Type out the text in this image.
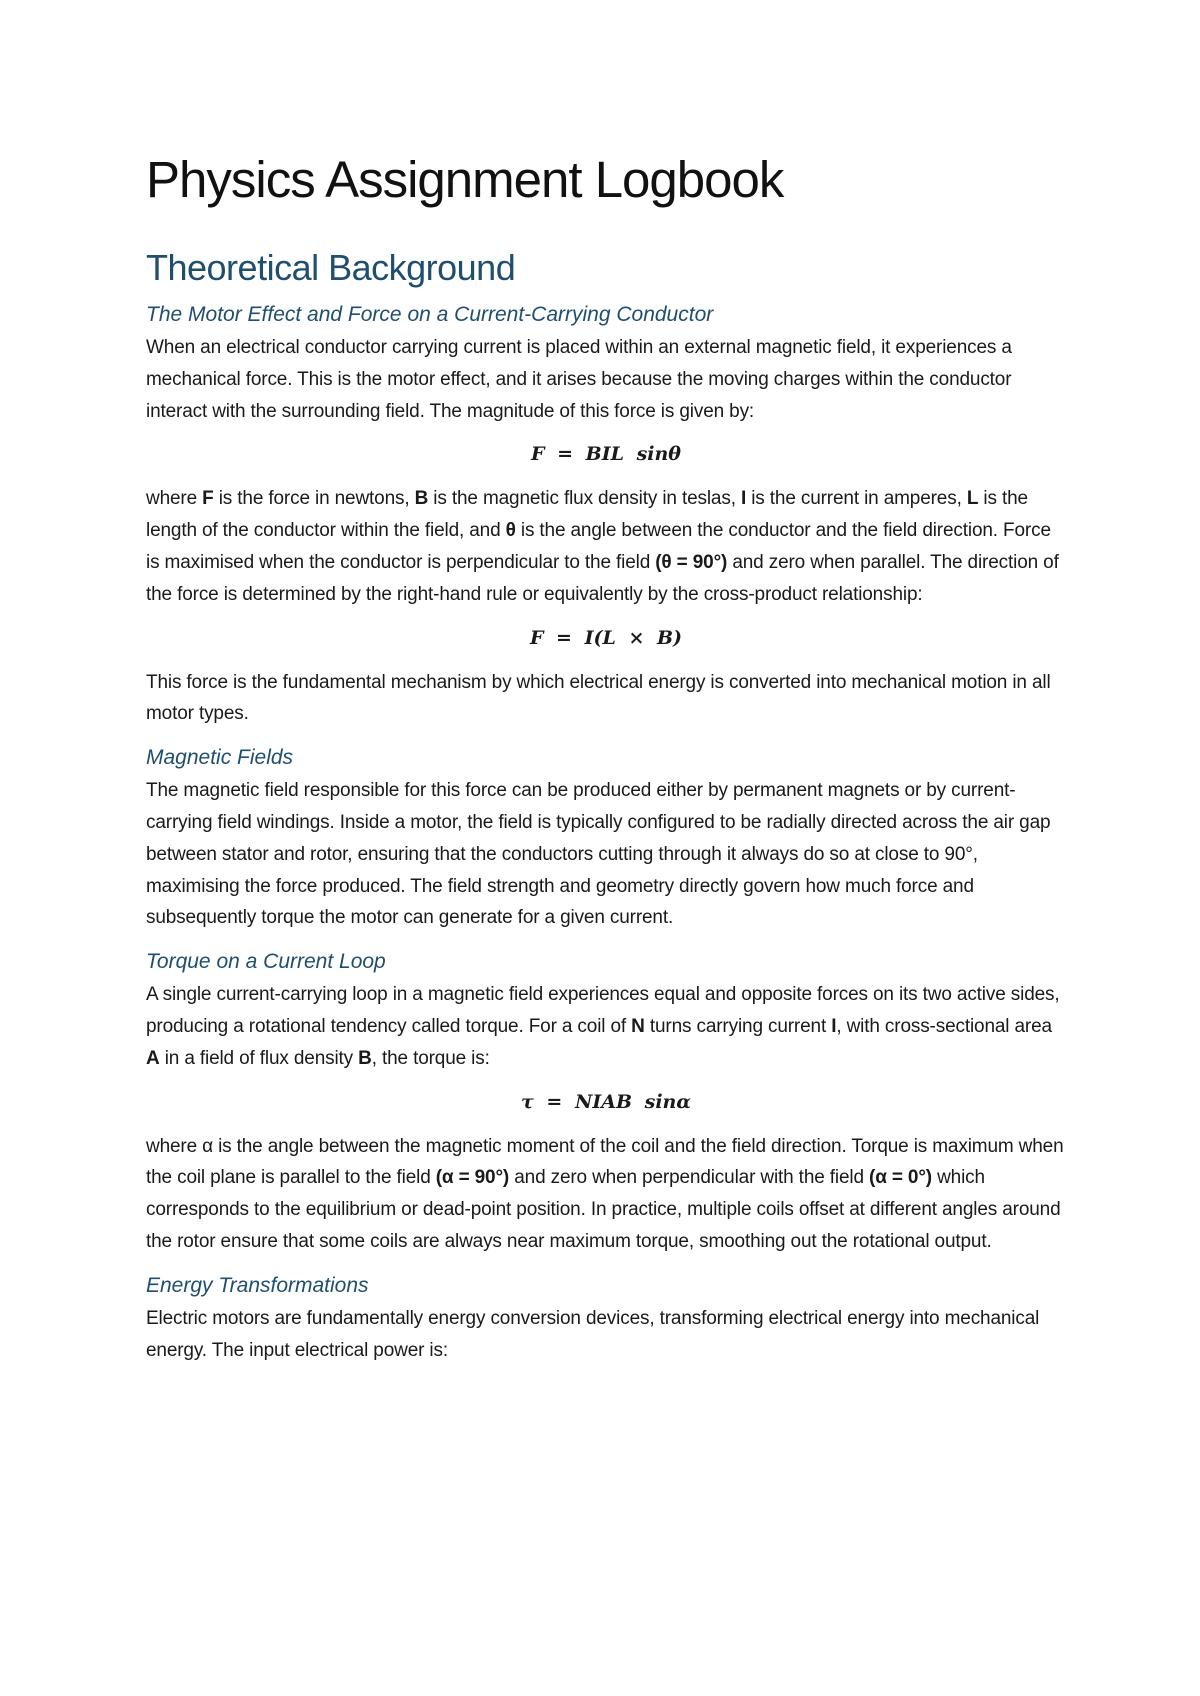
Physics Assignment Logbook
Theoretical Background
The Motor Effect and Force on a Current-Carrying Conductor

When an electrical conductor carrying current is placed within an external magnetic field, it experiences a mechanical force. This is the motor effect, and it arises because the moving charges within the conductor interact with the surrounding field. The magnitude of this force is given by:

F = BIL sinθ

where F is the force in newtons, B is the magnetic flux density in teslas, I is the current in amperes, L is the length of the conductor within the field, and θ is the angle between the conductor and the field direction. Force is maximised when the conductor is perpendicular to the field (θ = 90°) and zero when parallel. The direction of the force is determined by the right-hand rule or equivalently by the cross-product relationship:

F = I(L × B)

This force is the fundamental mechanism by which electrical energy is converted into mechanical motion in all motor types.

Magnetic Fields

The magnetic field responsible for this force can be produced either by permanent magnets or by current-carrying field windings. Inside a motor, the field is typically configured to be radially directed across the air gap between stator and rotor, ensuring that the conductors cutting through it always do so at close to 90°, maximising the force produced. The field strength and geometry directly govern how much force and subsequently torque the motor can generate for a given current.

Torque on a Current Loop

A single current-carrying loop in a magnetic field experiences equal and opposite forces on its two active sides, producing a rotational tendency called torque. For a coil of N turns carrying current I, with cross-sectional area A in a field of flux density B, the torque is:

τ = NIAB sinα

where α is the angle between the magnetic moment of the coil and the field direction. Torque is maximum when the coil plane is parallel to the field (α = 90°) and zero when perpendicular with the field (α = 0°) which corresponds to the equilibrium or dead-point position. In practice, multiple coils offset at different angles around the rotor ensure that some coils are always near maximum torque, smoothing out the rotational output.

Energy Transformations

Electric motors are fundamentally energy conversion devices, transforming electrical energy into mechanical energy. The input electrical power is:
